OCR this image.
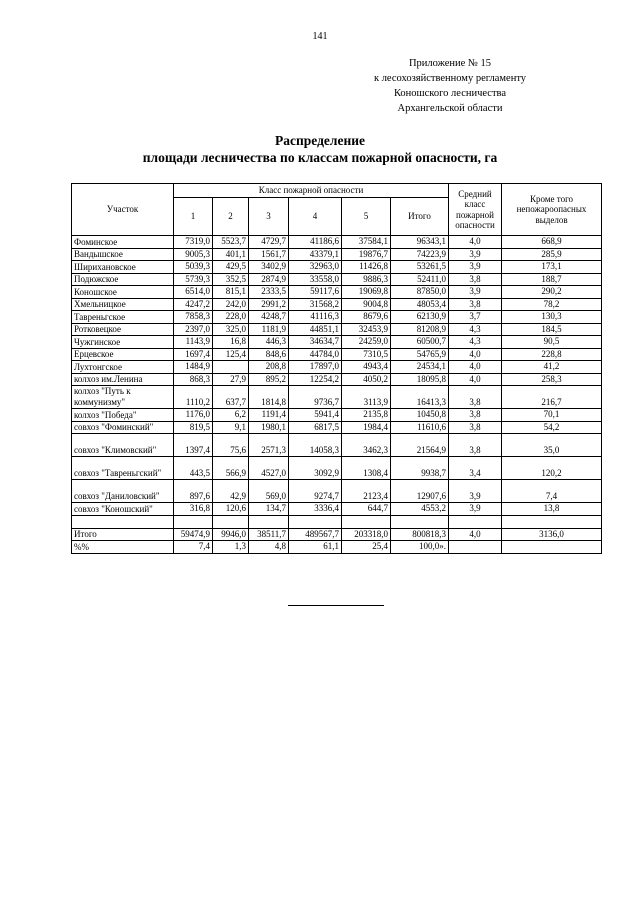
141
Приложение № 15
к лесохозяйственному регламенту
Коношского лесничества
Архангельской области
Распределение
площади лесничества по классам пожарной опасности, га
Участок	Класс пожарной опасности						Средний класс пожарной опасности	Кроме того непожароопасных выделов
	1	2	3	4	5	Итого		
Фоминское	7319,0	5523,7	4729,7	41186,6	37584,1	96343,1	4,0	668,9
Вандышское	9005,3	401,1	1561,7	43379,1	19876,7	74223,9	3,9	285,9
Шириxановское	5039,3	429,5	3402,9	32963,0	11426,8	53261,5	3,9	173,1
Подюжское	5739,3	352,5	2874,9	33558,0	9886,3	52411,0	3,8	188,7
Коношское	6514,0	815,1	2333,5	59117,6	19069,8	87850,0	3,9	290,2
Хмельницкое	4247,2	242,0	2991,2	31568,2	9004,8	48053,4	3,8	78,2
Тавреньгское	7858,3	228,0	4248,7	41116,3	8679,6	62130,9	3,7	130,3
Ротковецкое	2397,0	325,0	1181,9	44851,1	32453,9	81208,9	4,3	184,5
Чужгинское	1143,9	16,8	446,3	34634,7	24259,0	60500,7	4,3	90,5
Ерцевское	1697,4	125,4	848,6	44784,0	7310,5	54765,9	4,0	228,8
Лухтонгское	1484,9		208,8	17897,0	4943,4	24534,1	4,0	41,2
колхоз им.Ленина	868,3	27,9	895,2	12254,2	4050,2	18095,8	4,0	258,3
колхоз "Путь к коммунизму"	1110,2	637,7	1814,8	9736,7	3113,9	16413,3	3,8	216,7
колхоз "Победа"	1176,0	6,2	1191,4	5941,4	2135,8	10450,8	3,8	70,1
совхоз "Фоминский"	819,5	9,1	1980,1	6817,5	1984,4	11610,6	3,8	54,2
совхоз "Климовский"	1397,4	75,6	2571,3	14058,3	3462,3	21564,9	3,8	35,0
совхоз "Тавреньгский"	443,5	566,9	4527,0	3092,9	1308,4	9938,7	3,4	120,2
совхоз "Даниловский"	897,6	42,9	569,0	9274,7	2123,4	12907,6	3,9	7,4
совхоз "Коношский"	316,8	120,6	134,7	3336,4	644,7	4553,2	3,9	13,8

Итого	59474,9	9946,0	38511,7	489567,7	203318,0	800818,3	4,0	3136,0
%%	7,4	1,3	4,8	61,1	25,4	100,0».		
